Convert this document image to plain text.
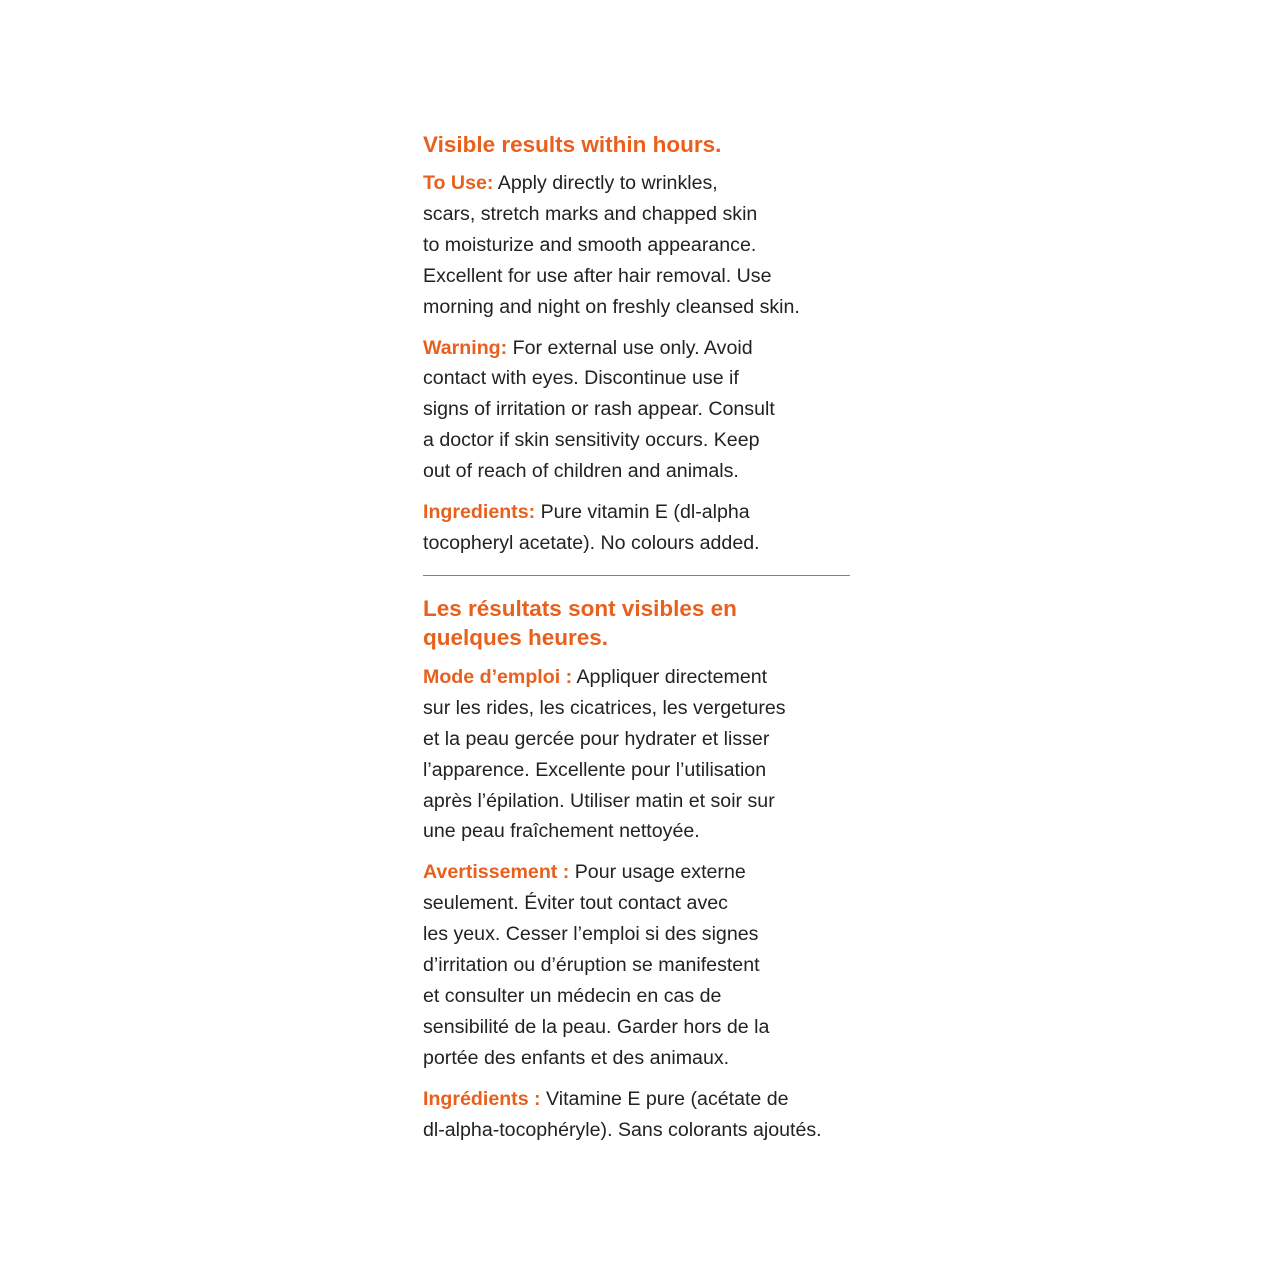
Visible results within hours.

To Use: Apply directly to wrinkles,
scars, stretch marks and chapped skin
to moisturize and smooth appearance.
Excellent for use after hair removal. Use
morning and night on freshly cleansed skin.

Warning: For external use only. Avoid
contact with eyes. Discontinue use if
signs of irritation or rash appear. Consult
a doctor if skin sensitivity occurs. Keep
out of reach of children and animals.

Ingredients: Pure vitamin E (dl-alpha
tocopheryl acetate). No colours added.

Les résultats sont visibles en
quelques heures.

Mode d’emploi : Appliquer directement
sur les rides, les cicatrices, les vergetures
et la peau gercée pour hydrater et lisser
l’apparence. Excellente pour l’utilisation
après l’épilation. Utiliser matin et soir sur
une peau fraîchement nettoyée.

Avertissement : Pour usage externe
seulement. Éviter tout contact avec
les yeux. Cesser l’emploi si des signes
d’irritation ou d’éruption se manifestent
et consulter un médecin en cas de
sensibilité de la peau. Garder hors de la
portée des enfants et des animaux.

Ingrédients : Vitamine E pure (acétate de
dl-alpha-tocophéryle). Sans colorants ajoutés.
